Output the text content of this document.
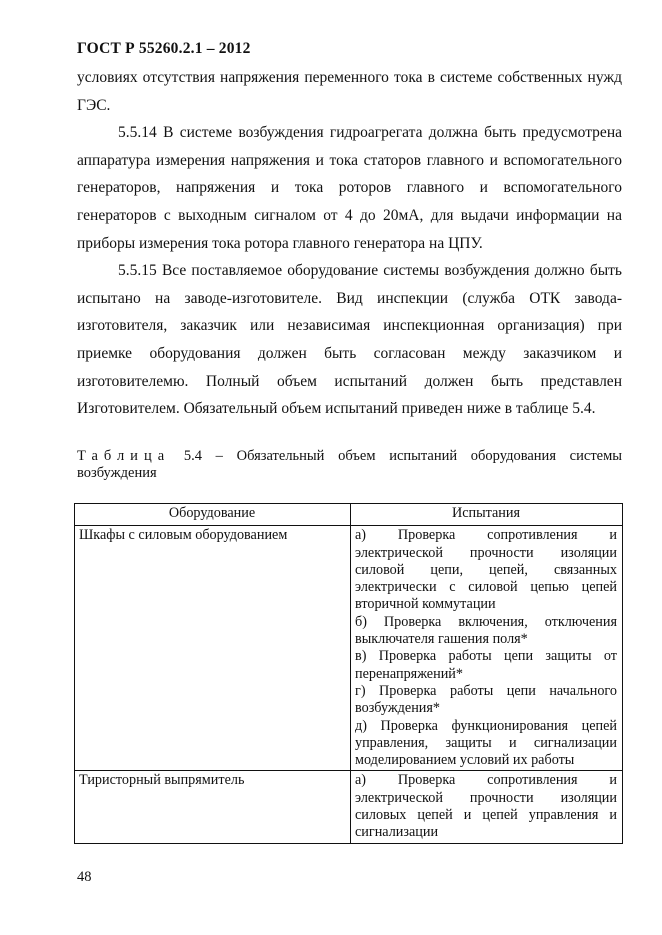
ГОСТ Р 55260.2.1 – 2012

условиях отсутствия напряжения переменного тока в системе собственных нужд ГЭС.

5.5.14 В системе возбуждения гидроагрегата должна быть предусмотрена аппаратура измерения напряжения и тока статоров главного и вспомогательного генераторов, напряжения и тока роторов главного и вспомогательного генераторов с выходным сигналом от 4 до 20мА, для выдачи информации на приборы измерения тока ротора главного генератора на ЦПУ.

5.5.15 Все поставляемое оборудование системы возбуждения должно быть испытано на заводе-изготовителе. Вид инспекции (служба ОТК завода-изготовителя, заказчик или независимая инспекционная организация) при приемке оборудования должен быть согласован между заказчиком и изготовителемю. Полный объем испытаний должен быть представлен Изготовителем. Обязательный объем испытаний приведен ниже в таблице 5.4.

Таблица 5.4 – Обязательный объем испытаний оборудования системы возбуждения
Оборудование	Испытания
Шкафы с силовым оборудованием	а) Проверка сопротивления и электрической прочности изоляции силовой цепи, цепей, связанных электрически с силовой цепью цепей вторичной коммутации
б) Проверка включения, отключения выключателя гашения поля*
в) Проверка работы цепи защиты от перенапряжений*
г) Проверка работы цепи начального возбуждения*
д) Проверка функционирования цепей управления, защиты и сигнализации моделированием условий их работы

Тиристорный выпрямитель	а) Проверка сопротивления и электрической прочности изоляции силовых цепей и цепей управления и сигнализации
48
